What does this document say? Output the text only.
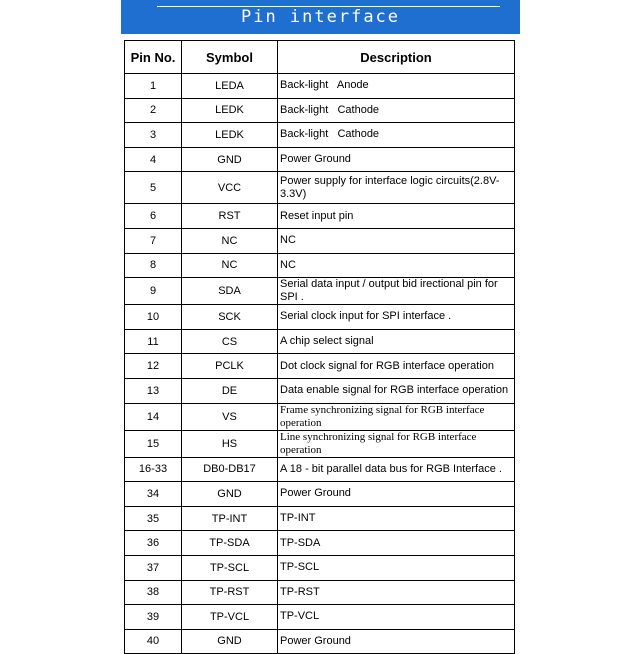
Pin interface
Pin No.	Symbol	Description
1	LEDA	Back-light   Anode
2	LEDK	Back-light   Cathode
3	LEDK	Back-light   Cathode
4	GND	Power Ground
5	VCC	Power supply for interface logic circuits(2.8V-3.3V)
6	RST	Reset input pin
7	NC	NC
8	NC	NC
9	SDA	Serial data input / output bid irectional pin for SPI .
10	SCK	Serial clock input for SPI interface .
11	CS	A chip select signal
12	PCLK	Dot clock signal for RGB interface operation
13	DE	Data enable signal for RGB interface operation
14	VS	Frame synchronizing signal for RGB interface operation
15	HS	Line synchronizing signal for RGB interface operation
16-33	DB0-DB17	A 18 - bit parallel data bus for RGB Interface .
34	GND	Power Ground
35	TP-INT	TP-INT
36	TP-SDA	TP-SDA
37	TP-SCL	TP-SCL
38	TP-RST	TP-RST
39	TP-VCL	TP-VCL
40	GND	Power Ground
